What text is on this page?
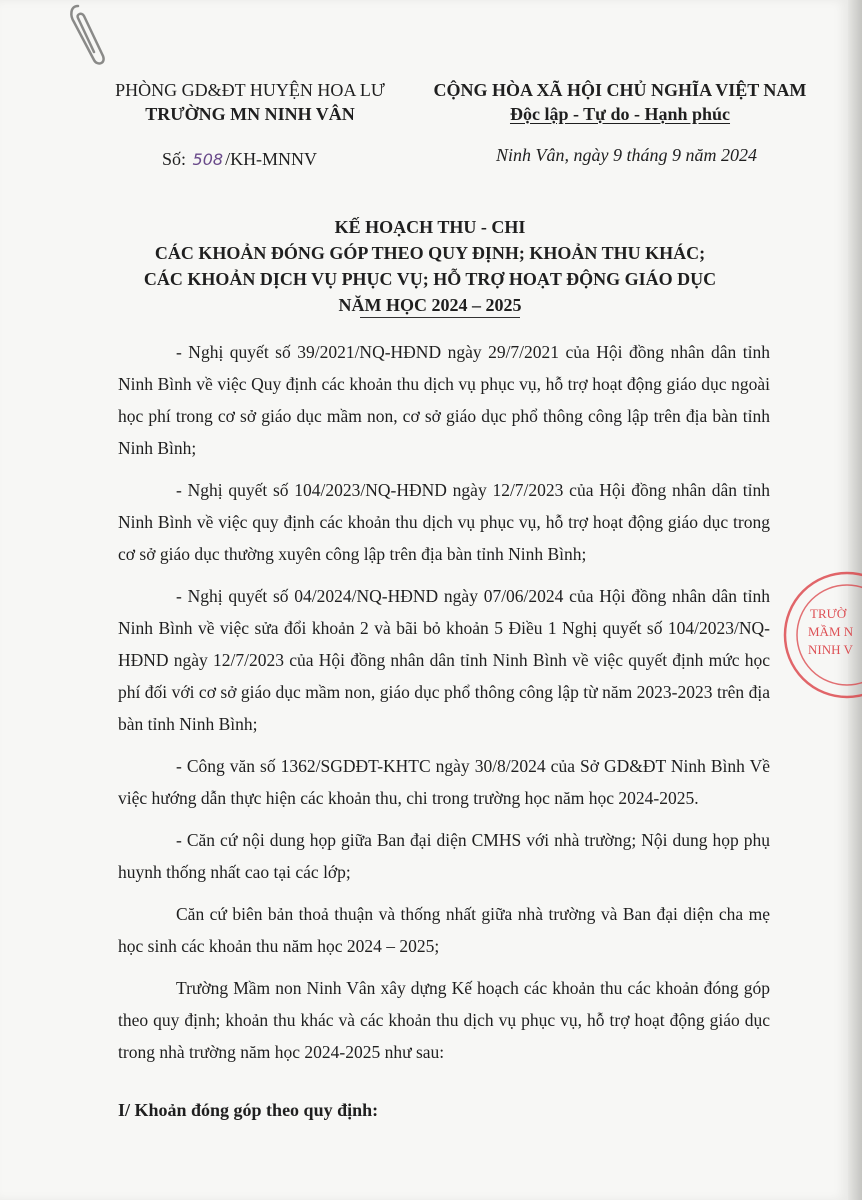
PHÒNG GD&ĐT HUYỆN HOA LƯ
TRƯỜNG MN NINH VÂN
CỘNG HÒA XÃ HỘI CHỦ NGHĨA VIỆT NAM
Độc lập - Tự do - Hạnh phúc
Số: 508 /KH-MNNV	Ninh Vân, ngày 9 tháng 9 năm 2024
KẾ HOẠCH THU - CHI
CÁC KHOẢN ĐÓNG GÓP THEO QUY ĐỊNH; KHOẢN THU KHÁC;
CÁC KHOẢN DỊCH VỤ PHỤC VỤ; HỖ TRỢ HOẠT ĐỘNG GIÁO DỤC
NĂM HỌC 2024 – 2025

- Nghị quyết số 39/2021/NQ-HĐND ngày 29/7/2021 của Hội đồng nhân dân tỉnh Ninh Bình về việc Quy định các khoản thu dịch vụ phục vụ, hỗ trợ hoạt động giáo dục ngoài học phí trong cơ sở giáo dục mầm non, cơ sở giáo dục phổ thông công lập trên địa bàn tỉnh Ninh Bình;

- Nghị quyết số 104/2023/NQ-HĐND ngày 12/7/2023 của Hội đồng nhân dân tỉnh Ninh Bình về việc quy định các khoản thu dịch vụ phục vụ, hỗ trợ hoạt động giáo dục trong cơ sở giáo dục thường xuyên công lập trên địa bàn tỉnh Ninh Bình;

- Nghị quyết số 04/2024/NQ-HĐND ngày 07/06/2024 của Hội đồng nhân dân tỉnh Ninh Bình về việc sửa đổi khoản 2 và bãi bỏ khoản 5 Điều 1 Nghị quyết số 104/2023/NQ-HĐND ngày 12/7/2023 của Hội đồng nhân dân tỉnh Ninh Bình về việc quyết định mức học phí đối với cơ sở giáo dục mầm non, giáo dục phổ thông công lập từ năm 2023-2023 trên địa bàn tỉnh Ninh Bình;

- Công văn số 1362/SGDĐT-KHTC ngày 30/8/2024 của Sở GD&ĐT Ninh Bình Về việc hướng dẫn thực hiện các khoản thu, chi trong trường học năm học 2024-2025.

- Căn cứ nội dung họp giữa Ban đại diện CMHS với nhà trường; Nội dung họp phụ huynh thống nhất cao tại các lớp;

Căn cứ biên bản thoả thuận và thống nhất giữa nhà trường và Ban đại diện cha mẹ học sinh các khoản thu năm học 2024 – 2025;

Trường Mầm non Ninh Vân xây dựng Kế hoạch các khoản thu các khoản đóng góp theo quy định; khoản thu khác và các khoản thu dịch vụ phục vụ, hỗ trợ hoạt động giáo dục trong nhà trường năm học 2024-2025 như sau:

I/ Khoản đóng góp theo quy định:
TRƯỜ
MẦM N
NINH V
